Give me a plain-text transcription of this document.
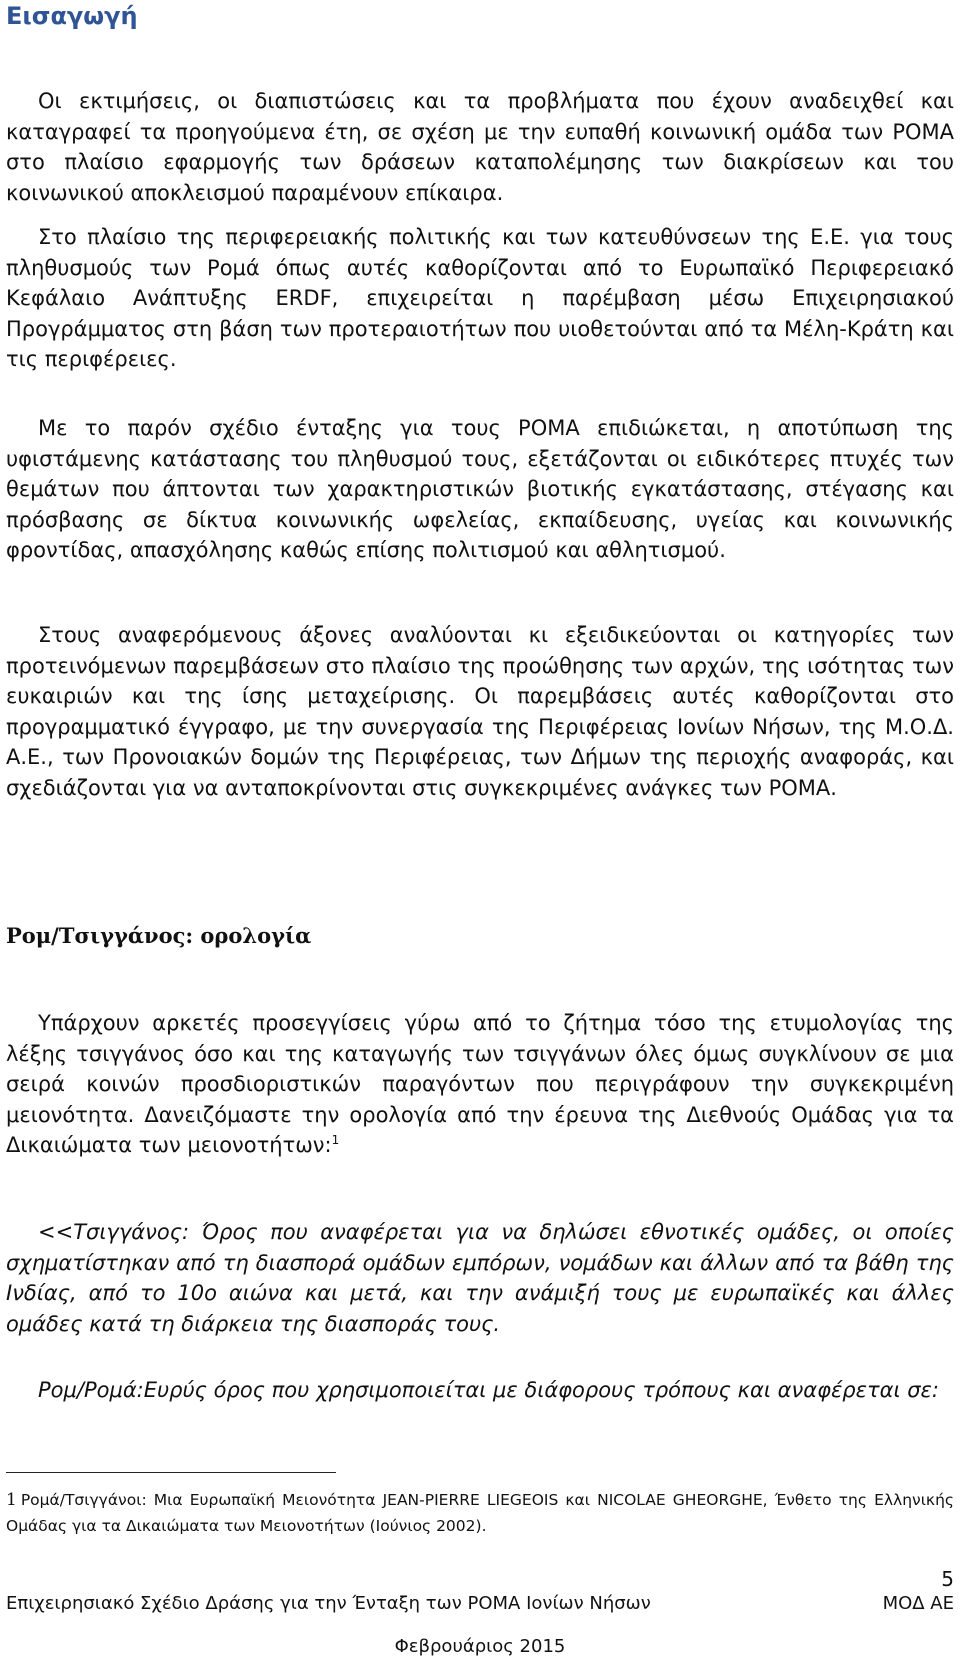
Εισαγωγή

Οι εκτιμήσεις, οι διαπιστώσεις και τα προβλήματα που έχουν αναδειχθεί και καταγραφεί τα προηγούμενα έτη, σε σχέση με την ευπαθή κοινωνική ομάδα των ΡΟΜΑ στο πλαίσιο εφαρμογής των δράσεων καταπολέμησης των διακρίσεων και του κοινωνικού αποκλεισμού παραμένουν επίκαιρα.

Στο πλαίσιο της περιφερειακής πολιτικής και των κατευθύνσεων της Ε.Ε. για τους πληθυσμούς των Ρομά όπως αυτές καθορίζονται από το Ευρωπαϊκό Περιφερειακό Κεφάλαιο Ανάπτυξης ERDF, επιχειρείται η παρέμβαση μέσω Επιχειρησιακού Προγράμματος στη βάση των προτεραιοτήτων που υιοθετούνται από τα Μέλη-Κράτη και τις περιφέρειες.

Με το παρόν σχέδιο ένταξης για τους ΡΟΜΑ επιδιώκεται, η αποτύπωση της υφιστάμενης κατάστασης του πληθυσμού τους, εξετάζονται οι ειδικότερες πτυχές των θεμάτων που άπτονται των χαρακτηριστικών βιοτικής εγκατάστασης, στέγασης και πρόσβασης σε δίκτυα κοινωνικής ωφελείας, εκπαίδευσης, υγείας και κοινωνικής φροντίδας, απασχόλησης καθώς επίσης πολιτισμού και αθλητισμού.

Στους αναφερόμενους άξονες αναλύονται κι εξειδικεύονται οι κατηγορίες των προτεινόμενων παρεμβάσεων στο πλαίσιο της προώθησης των αρχών, της ισότητας των ευκαιριών και της ίσης μεταχείρισης. Οι παρεμβάσεις αυτές καθορίζονται στο προγραμματικό έγγραφο, με την συνεργασία της Περιφέρειας Ιονίων Νήσων, της Μ.Ο.Δ. Α.Ε., των Προνοιακών δομών της Περιφέρειας, των Δήμων της περιοχής αναφοράς, και σχεδιάζονται για να ανταποκρίνονται στις συγκεκριμένες ανάγκες των ΡΟΜΑ.

Ρομ/Τσιγγάνος: ορολογία

Υπάρχουν αρκετές προσεγγίσεις γύρω από το ζήτημα τόσο της ετυμολογίας της λέξης τσιγγάνος όσο και της καταγωγής των τσιγγάνων όλες όμως συγκλίνουν σε μια σειρά κοινών προσδιοριστικών παραγόντων που περιγράφουν την συγκεκριμένη μειονότητα. Δανειζόμαστε την ορολογία από την έρευνα της Διεθνούς Ομάδας για τα Δικαιώματα των μειονοτήτων:$^1$

<<Τσιγγάνος: Όρος που αναφέρεται για να δηλώσει εθνοτικές ομάδες, οι οποίες σχηματίστηκαν από τη διασπορά ομάδων εμπόρων, νομάδων και άλλων από τα βάθη της Ινδίας, από το 10ο αιώνα και μετά, και την ανάμιξή τους με ευρωπαϊκές και άλλες ομάδες κατά τη διάρκεια της διασποράς τους.

Ρομ/Ρομά:Ευρύς όρος που χρησιμοποιείται με διάφορους τρόπους και αναφέρεται σε:

1 Ρομά/Τσιγγάνοι: Μια Ευρωπαϊκή Μειονότητα JEAN-PIERRE LIEGEOIS και NICOLAE GHEORGHE, Ένθετο της Ελληνικής Ομάδας για τα Δικαιώματα των Μειονοτήτων (Ιούνιος 2002).

5
Επιχειρησιακό Σχέδιο Δράσης για την Ένταξη των ΡΟΜΑ Ιονίων Νήσων	ΜΟΔ ΑΕ
Φεβρουάριος 2015
